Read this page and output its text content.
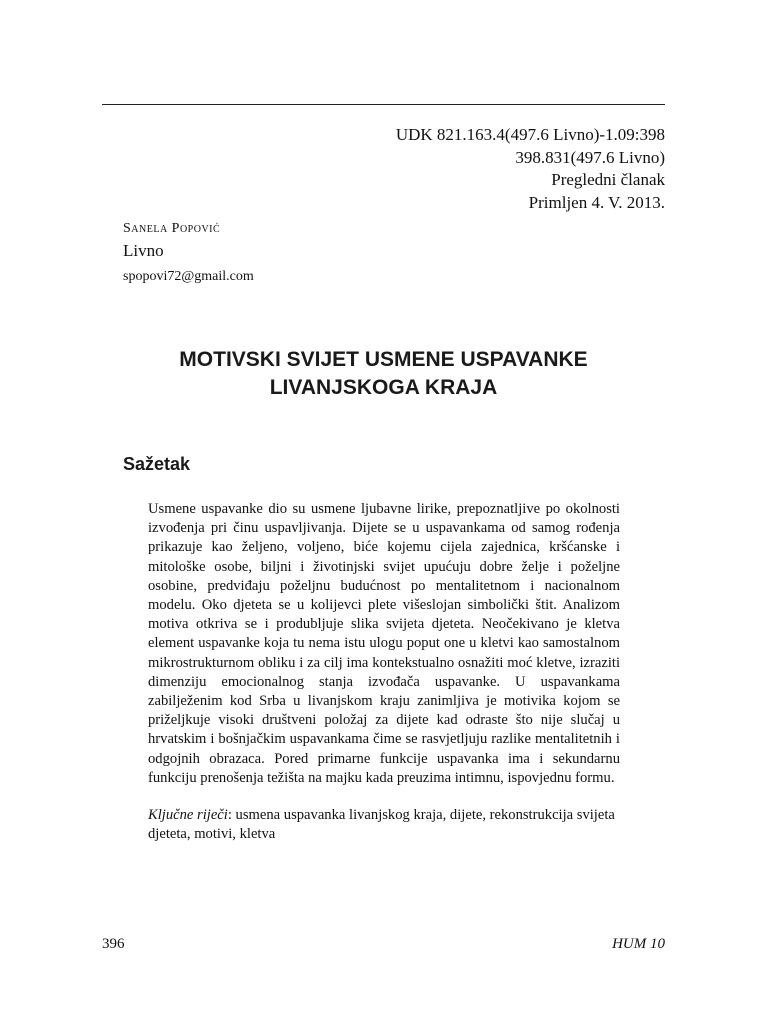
UDK 821.163.4(497.6 Livno)-1.09:398
398.831(497.6 Livno)
Pregledni članak
Primljen 4. V. 2013.
Sanela Popović
Livno
spopovi72@gmail.com
MOTIVSKI SVIJET USMENE USPAVANKE
LIVANJSKOGA KRAJA
Sažetak
Usmene uspavanke dio su usmene ljubavne lirike, prepoznatljive po okolnosti izvođenja pri činu uspavljivanja. Dijete se u uspavankama od samog rođenja prikazuje kao željeno, voljeno, biće kojemu cijela zajednica, kršćanske i mitološke osobe, biljni i životinjski svijet upućuju dobre želje i poželjne osobine, predviđaju poželjnu budućnost po mentalitetnom i nacionalnom modelu. Oko djeteta se u kolijevci plete višeslojan simbolički štit. Analizom motiva otkriva se i produbljuje slika svijeta djeteta. Neočekivano je kletva element uspavanke koja tu nema istu ulogu poput one u kletvi kao samostalnom mikrostrukturnom obliku i za cilj ima kontekstualno osnažiti moć kletve, izraziti dimenziju emocionalnog stanja izvođača uspavanke. U uspavankama zabilježenim kod Srba u livanjskom kraju zanimljiva je motivika kojom se priželjkuje visoki društveni položaj za dijete kad odraste što nije slučaj u hrvatskim i bošnjačkim uspavankama čime se rasvjetljuju razlike mentalitetnih i odgojnih obrazaca. Pored primarne funkcije uspavanka ima i sekundarnu funkciju prenošenja težišta na majku kada preuzima intimnu, ispovjednu formu.
Ključne riječi: usmena uspavanka livanjskog kraja, dijete, rekonstrukcija svijeta djeteta, motivi, kletva
396	HUM 10
